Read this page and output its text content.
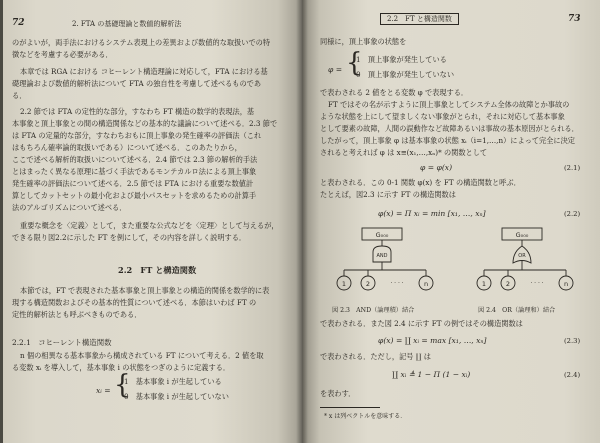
72	2. FTA の基礎理論と数値的解析法
のがよいが，両手法におけるシステム表現上の差異および数値的な取扱いでの特
徴などを考慮する必要がある．
本章では RGA における コヒーレント構造理論に対応して，FTA における基
礎理論および数値的解析法について FTA の独自性を考慮して述べるものであ
る．
2.2 節では FTA の定性的な部分，すなわち FT 構造の数学的表現法，基
本事象と頂上事象との間の構造関係などの基本的な議論について述べる．2.3 節で
は FTA の定量的な部分，すなわちおもに頂上事象の発生確率の評価法（これ
はもちろん確率論的取扱いである）について述べる．このあたりから，
ここで述べる解析的取扱いについて述べる．2.4 節では 2.3 節の解析的手法
とはまったく異なる原理に基づく手法であるモンテカルロ法による頂上事象
発生確率の評価法について述べる．2.5 節では FTA における重要な数値計
算としてカットセットの最小化および最小パスセットを求めるための計算手
法のアルゴリズムについて述べる．
重要な概念を〈定義〉として，また重要な公式などを〈定理〉として与えるが，
できる限り図2.2に示した FT を例にして，その内容を詳しく説明する．
2.2　FT と構造関数
本節では，FT で表現された基本事象と頂上事象との構造的関係を数学的に表
現する構造関数およびその基本的性質について述べる．本節はいわば FT の
定性的解析法とも呼ぶべきものである．
2.2.1　コヒーレント構造関数
n 個の相異なる基本事象から構成されている FT について考える．2 値を取
る変数 xᵢ を導入して，基本事象 i の状態をつぎのように定義する．
xᵢ = {
1　基本事象 i が生起している
0　基本事象 i が生起していない
2.2　FT と構造関数	73
同様に，頂上事象の状態を
φ = {
1　頂上事象が発生している
0　頂上事象が発生していない
で表わされる 2 値をとる変数 φ で表現する．
FT ではその名が示すように頂上事象としてシステム全体の故障とか事故の
ような状態を上にして望ましくない事象がとられ，それに対応して基本事象
として要素の故障，人間の誤動作など故障あるいは事故の基本原因がとられる．
したがって，頂上事象 φ は基本事象の状態 xᵢ（i=1,…,n）によって完全に決定
されると考えれば φ は x≡(x₁,…,xₙ)* の関数として
φ = φ(x)	(2.1)
と表わされる．この 0-1 関数 φ(x) を FT の構造関数と呼ぶ．
たとえば，図2.3 に示す FT の構造関数は
φ(x) = Π xᵢ = min [x₁, …, xₙ]	(2.2)
G₀₀₀
AND
1	2	n
· · · ·
G₀₀₀
OR
1	2	n
· · · ·
図 2.3　AND（論理積）結合	図 2.4　OR（論理和）結合
で表わされる．また図 2.4 に示す FT の例ではその構造関数は
φ(x) = ∐ xᵢ = max [x₁, …, xₙ]	(2.3)
で表わされる．ただし，記号 ∐ は
∐ xᵢ ≜ 1 − Π (1 − xᵢ)	(2.4)
を表わす．
* x は列ベクトルを意味する．
